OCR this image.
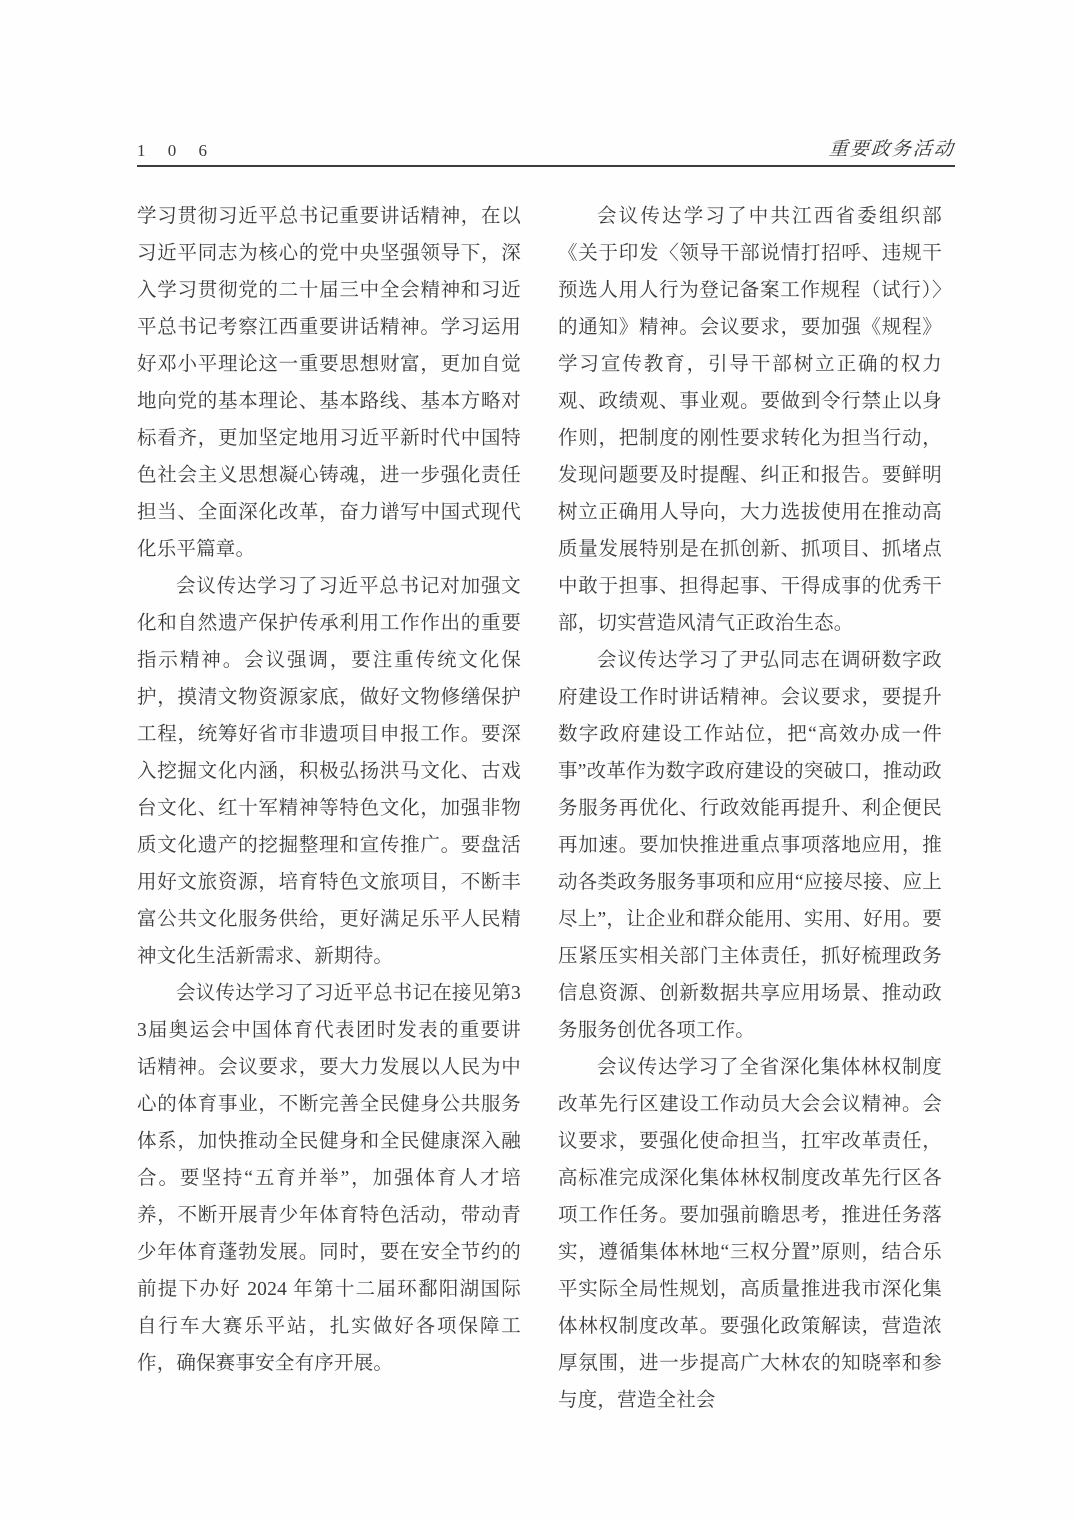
1 0 6	重要政务活动

学习贯彻习近平总书记重要讲话精神，在以习近平同志为核心的党中央坚强领导下，深入学习贯彻党的二十届三中全会精神和习近平总书记考察江西重要讲话精神。学习运用好邓小平理论这一重要思想财富，更加自觉地向党的基本理论、基本路线、基本方略对标看齐，更加坚定地用习近平新时代中国特色社会主义思想凝心铸魂，进一步强化责任担当、全面深化改革，奋力谱写中国式现代化乐平篇章。

会议传达学习了习近平总书记对加强文化和自然遗产保护传承利用工作作出的重要指示精神。会议强调，要注重传统文化保护，摸清文物资源家底，做好文物修缮保护工程，统筹好省市非遗项目申报工作。要深入挖掘文化内涵，积极弘扬洪马文化、古戏台文化、红十军精神等特色文化，加强非物质文化遗产的挖掘整理和宣传推广。要盘活用好文旅资源，培育特色文旅项目，不断丰富公共文化服务供给，更好满足乐平人民精神文化生活新需求、新期待。

会议传达学习了习近平总书记在接见第33届奥运会中国体育代表团时发表的重要讲话精神。会议要求，要大力发展以人民为中心的体育事业，不断完善全民健身公共服务体系，加快推动全民健身和全民健康深入融合。要坚持“五育并举”，加强体育人才培养，不断开展青少年体育特色活动，带动青少年体育蓬勃发展。同时，要在安全节约的前提下办好 2024 年第十二届环鄱阳湖国际自行车大赛乐平站，扎实做好各项保障工作，确保赛事安全有序开展。

会议传达学习了中共江西省委组织部《关于印发〈领导干部说情打招呼、违规干预选人用人行为登记备案工作规程（试行）〉的通知》精神。会议要求，要加强《规程》学习宣传教育，引导干部树立正确的权力观、政绩观、事业观。要做到令行禁止以身作则，把制度的刚性要求转化为担当行动，发现问题要及时提醒、纠正和报告。要鲜明树立正确用人导向，大力选拔使用在推动高质量发展特别是在抓创新、抓项目、抓堵点中敢于担事、担得起事、干得成事的优秀干部，切实营造风清气正政治生态。

会议传达学习了尹弘同志在调研数字政府建设工作时讲话精神。会议要求，要提升数字政府建设工作站位，把“高效办成一件事”改革作为数字政府建设的突破口，推动政务服务再优化、行政效能再提升、利企便民再加速。要加快推进重点事项落地应用，推动各类政务服务事项和应用“应接尽接、应上尽上”，让企业和群众能用、实用、好用。要压紧压实相关部门主体责任，抓好梳理政务信息资源、创新数据共享应用场景、推动政务服务创优各项工作。

会议传达学习了全省深化集体林权制度改革先行区建设工作动员大会会议精神。会议要求，要强化使命担当，扛牢改革责任，高标准完成深化集体林权制度改革先行区各项工作任务。要加强前瞻思考，推进任务落实，遵循集体林地“三权分置”原则，结合乐平实际全局性规划，高质量推进我市深化集体林权制度改革。要强化政策解读，营造浓厚氛围，进一步提高广大林农的知晓率和参与度，营造全社会
